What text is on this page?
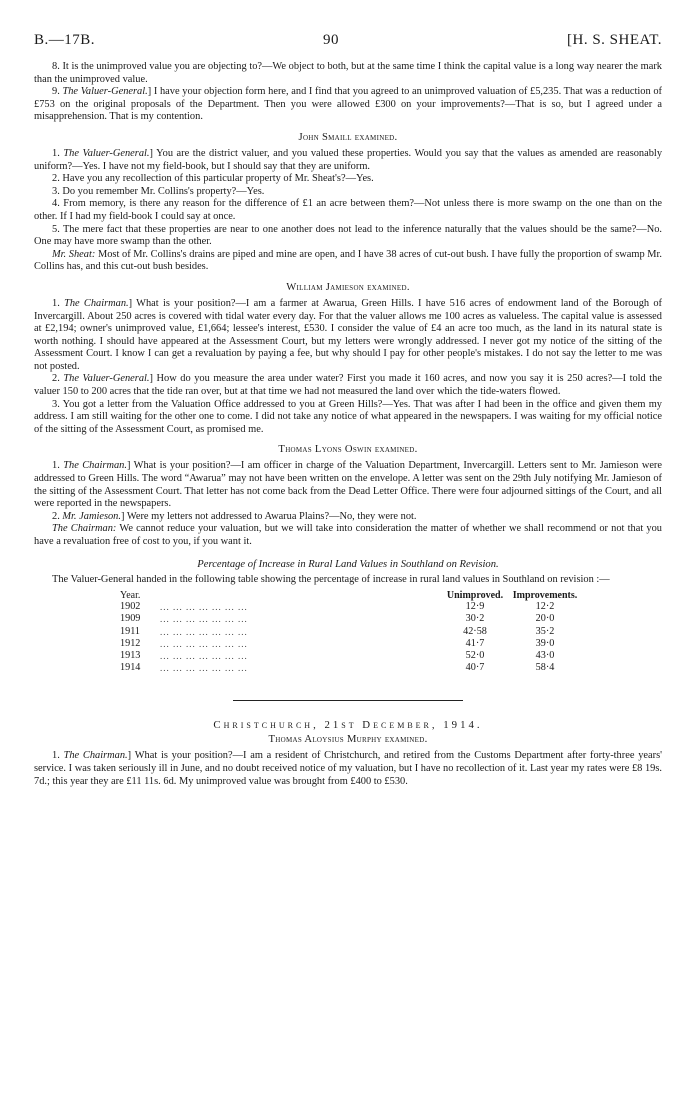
B.—17B.	90	[H. S. SHEAT.

8. It is the unimproved value you are objecting to?—We object to both, but at the same time I think the capital value is a long way nearer the mark than the unimproved value.

9. The Valuer-General.] I have your objection form here, and I find that you agreed to an unimproved valuation of £5,235. That was a reduction of £753 on the original proposals of the Department. Then you were allowed £300 on your improvements?—That is so, but I agreed under a misapprehension. That is my contention.

John Smaill examined.

1. The Valuer-General.] You are the district valuer, and you valued these properties. Would you say that the values as amended are reasonably uniform?—Yes. I have not my field-book, but I should say that they are uniform.

2. Have you any recollection of this particular property of Mr. Sheat's?—Yes.

3. Do you remember Mr. Collins's property?—Yes.

4. From memory, is there any reason for the difference of £1 an acre between them?—Not unless there is more swamp on the one than on the other. If I had my field-book I could say at once.

5. The mere fact that these properties are near to one another does not lead to the inference naturally that the values should be the same?—No. One may have more swamp than the other.

Mr. Sheat: Most of Mr. Collins's drains are piped and mine are open, and I have 38 acres of cut-out bush. I have fully the proportion of swamp Mr. Collins has, and this cut-out bush besides.

William Jamieson examined.

1. The Chairman.] What is your position?—I am a farmer at Awarua, Green Hills. I have 516 acres of endowment land of the Borough of Invercargill. About 250 acres is covered with tidal water every day. For that the valuer allows me 100 acres as valueless. The capital value is assessed at £2,194; owner's unimproved value, £1,664; lessee's interest, £530. I consider the value of £4 an acre too much, as the land in its natural state is worth nothing. I should have appeared at the Assessment Court, but my letters were wrongly addressed. I never got my notice of the sitting of the Assessment Court. I know I can get a revaluation by paying a fee, but why should I pay for other people's mistakes. I do not say the letter to me was not posted.

2. The Valuer-General.] How do you measure the area under water? First you made it 160 acres, and now you say it is 250 acres?—I told the valuer 150 to 200 acres that the tide ran over, but at that time we had not measured the land over which the tide-waters flowed.

3. You got a letter from the Valuation Office addressed to you at Green Hills?—Yes. That was after I had been in the office and given them my address. I am still waiting for the other one to come. I did not take any notice of what appeared in the newspapers. I was waiting for my official notice of the sitting of the Assessment Court, as promised me.

Thomas Lyons Oswin examined.

1. The Chairman.] What is your position?—I am officer in charge of the Valuation Department, Invercargill. Letters sent to Mr. Jamieson were addressed to Green Hills. The word “Awarua” may not have been written on the envelope. A letter was sent on the 29th July notifying Mr. Jamieson of the sitting of the Assessment Court. That letter has not come back from the Dead Letter Office. There were four adjourned sittings of the Court, and all were reported in the newspapers.

2. Mr. Jamieson.] Were my letters not addressed to Awarua Plains?—No, they were not.

The Chairman: We cannot reduce your valuation, but we will take into consideration the matter of whether we shall recommend or not that you have a revaluation free of cost to you, if you want it.

Percentage of Increase in Rural Land Values in Southland on Revision.

The Valuer-General handed in the following table showing the percentage of increase in rural land values in Southland on revision :—

Year.		Unimproved.	Improvements.
1902	... ... ... ... ... ... ...	12·9	12·2
1909	... ... ... ... ... ... ...	30·2	20·0
1911	... ... ... ... ... ... ...	42·58	35·2
1912	... ... ... ... ... ... ...	41·7	39·0
1913	... ... ... ... ... ... ...	52·0	43·0
1914	... ... ... ... ... ... ...	40·7	58·4
Christchurch, 21st December, 1914.
Thomas Aloysius Murphy examined.

1. The Chairman.] What is your position?—I am a resident of Christchurch, and retired from the Customs Department after forty-three years' service. I was taken seriously ill in June, and no doubt received notice of my valuation, but I have no recollection of it. Last year my rates were £8 19s. 7d.; this year they are £11 11s. 6d. My unimproved value was brought from £400 to £530.
